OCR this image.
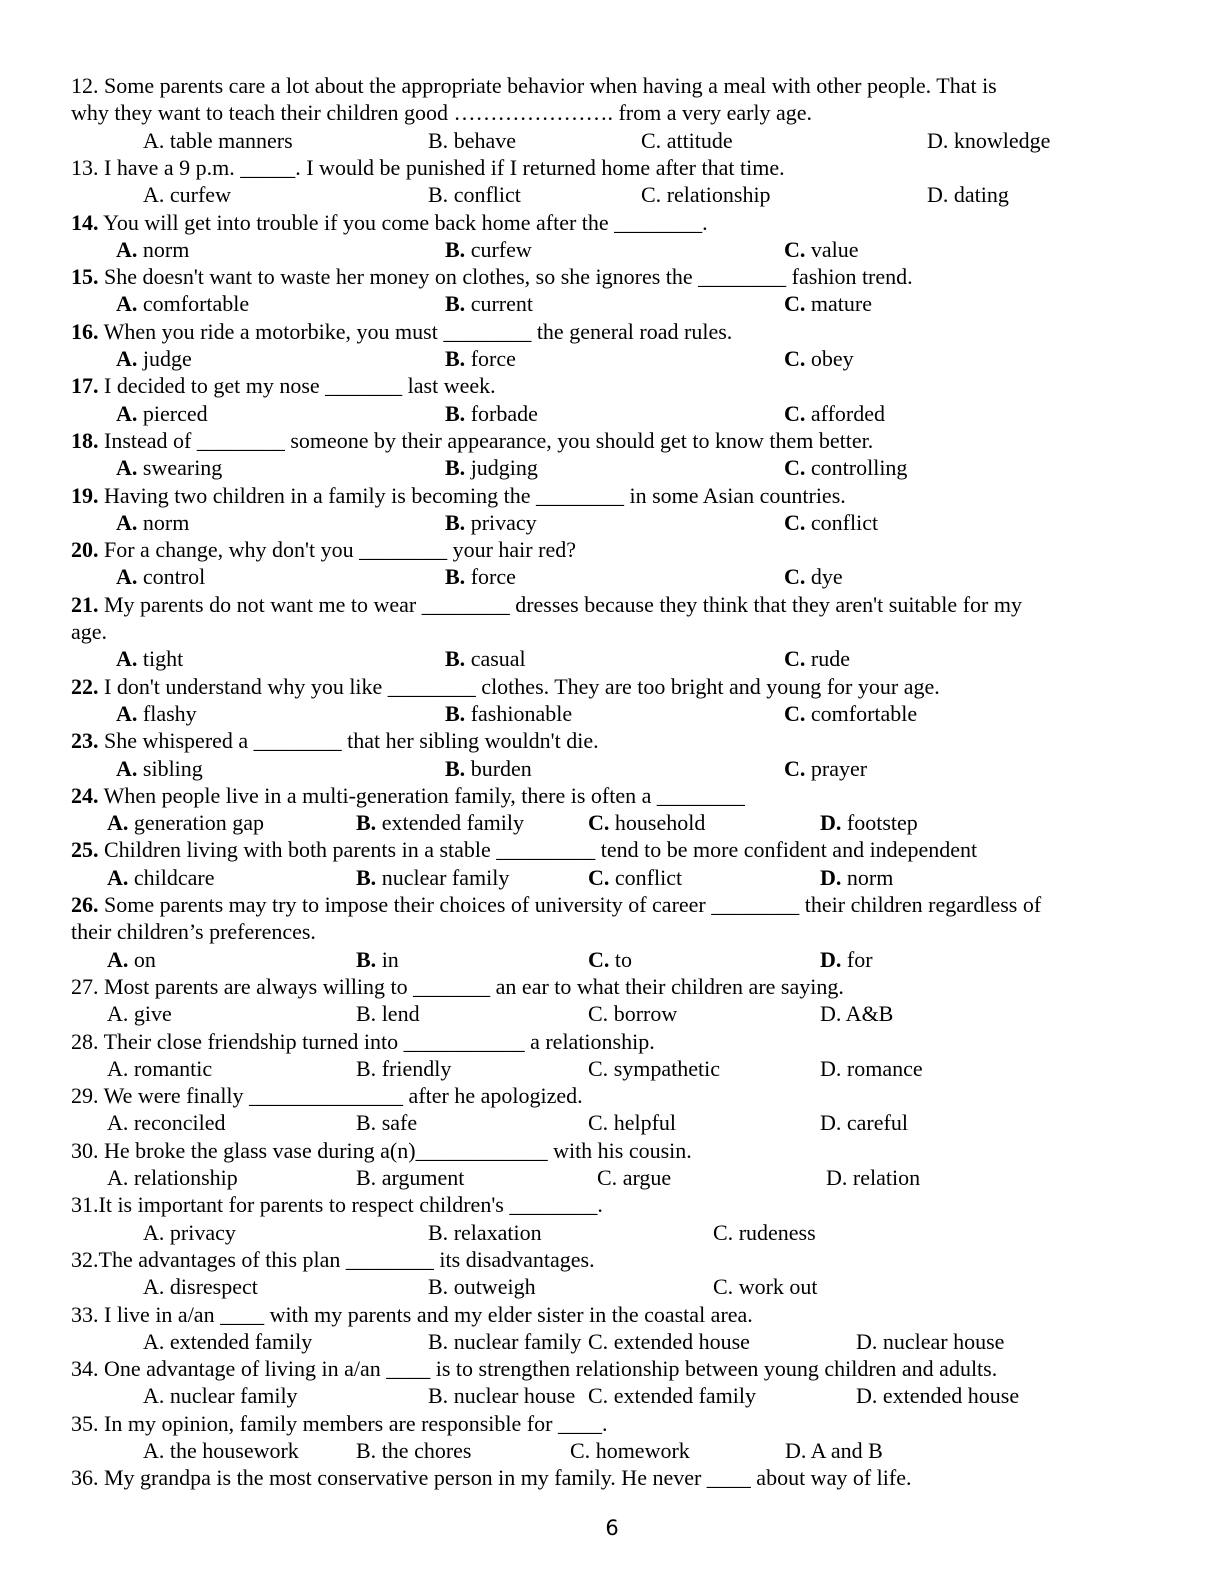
12. Some parents care a lot about the appropriate behavior when having a meal with other people. That is
why they want to teach their children good …………………. from a very early age.
A. table manners	B. behave	C. attitude	D. knowledge
13. I have a 9 p.m. _____. I would be punished if I returned home after that time.
A. curfew	B. conflict	C. relationship	D. dating
14. You will get into trouble if you come back home after the ________.
A. norm	B. curfew	C. value
15. She doesn't want to waste her money on clothes, so she ignores the ________ fashion trend.
A. comfortable	B. current	C. mature
16. When you ride a motorbike, you must ________ the general road rules.
A. judge	B. force	C. obey
17. I decided to get my nose _______ last week.
A. pierced	B. forbade	C. afforded
18. Instead of ________ someone by their appearance, you should get to know them better.
A. swearing	B. judging	C. controlling
19. Having two children in a family is becoming the ________ in some Asian countries.
A. norm	B. privacy	C. conflict
20. For a change, why don't you ________ your hair red?
A. control	B. force	C. dye
21. My parents do not want me to wear ________ dresses because they think that they aren't suitable for my
age.
A. tight	B. casual	C. rude
22. I don't understand why you like ________ clothes. They are too bright and young for your age.
A. flashy	B. fashionable	C. comfortable
23. She whispered a ________ that her sibling wouldn't die.
A. sibling	B. burden	C. prayer
24. When people live in a multi-generation family, there is often a ________
A. generation gap	B. extended family	C. household	D. footstep
25. Children living with both parents in a stable _________ tend to be more confident and independent
A. childcare	B. nuclear family	C. conflict	D. norm
26. Some parents may try to impose their choices of university of career ________ their children regardless of
their children’s preferences.
A. on	B. in	C. to	D. for
27. Most parents are always willing to _______ an ear to what their children are saying.
A. give	B. lend	C. borrow	D. A&B
28. Their close friendship turned into ___________ a relationship.
A. romantic	B. friendly	C. sympathetic	D. romance
29. We were finally ______________ after he apologized.
A. reconciled	B. safe	C. helpful	D. careful
30. He broke the glass vase during a(n)____________ with his cousin.
A. relationship	B. argument	C. argue	D. relation
31.It is important for parents to respect children's ________.
A. privacy	B. relaxation	C. rudeness
32.The advantages of this plan ________ its disadvantages.
A. disrespect	B. outweigh	C. work out
33. I live in a/an ____ with my parents and my elder sister in the coastal area.
A. extended family	B. nuclear family C. extended house	D. nuclear house
34. One advantage of living in a/an ____ is to strengthen relationship between young children and adults.
A. nuclear family	B. nuclear house C. extended family	D. extended house
35. In my opinion, family members are responsible for ____.
A. the housework	B. the chores	C. homework	D. A and B
36. My grandpa is the most conservative person in my family. He never ____ about way of life.
6
